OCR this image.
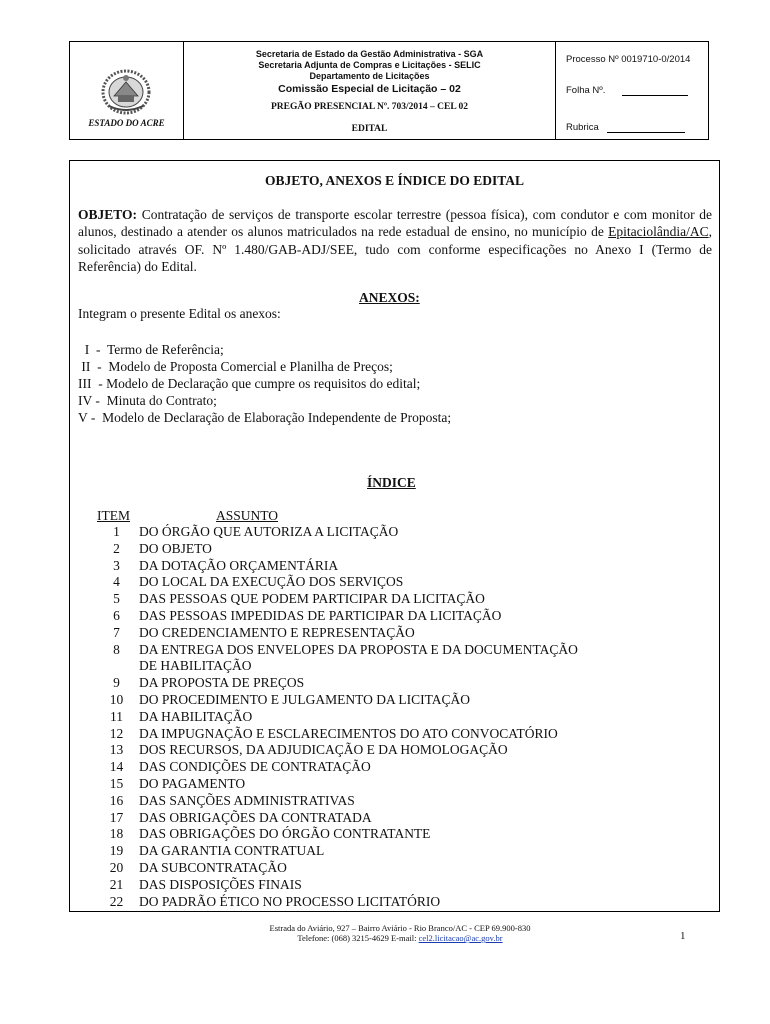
ESTADO DO ACRE
Secretaria de Estado da Gestão Administrativa - SGA
Secretaria Adjunta de Compras e Licitações - SELIC
Departamento de Licitações
Comissão Especial de Licitação – 02
PREGÃO PRESENCIAL Nº. 703/2014 – CEL 02
EDITAL
Processo Nº 0019710-0/2014
Folha Nº.
Rubrica
OBJETO, ANEXOS E ÍNDICE DO EDITAL
OBJETO: Contratação de serviços de transporte escolar terrestre (pessoa física), com condutor e com monitor de alunos, destinado a atender os alunos matriculados na rede estadual de ensino, no município de Epitaciolândia/AC, solicitado através OF. Nº 1.480/GAB-ADJ/SEE, tudo com conforme especificações no Anexo I (Termo de Referência) do Edital.
ANEXOS:
Integram o presente Edital os anexos:
I  -  Termo de Referência;
II  -  Modelo de Proposta Comercial e Planilha de Preços;
III  - Modelo de Declaração que cumpre os requisitos do edital;
IV -  Minuta do Contrato;
V -  Modelo de Declaração de Elaboração Independente de Proposta;
ÍNDICE
ITEM	ASSUNTO
1	DO ÓRGÃO QUE AUTORIZA A LICITAÇÃO
2	DO OBJETO
3	DA DOTAÇÃO ORÇAMENTÁRIA
4	DO LOCAL DA EXECUÇÃO DOS SERVIÇOS
5	DAS PESSOAS QUE PODEM PARTICIPAR DA LICITAÇÃO
6	DAS PESSOAS IMPEDIDAS DE PARTICIPAR DA LICITAÇÃO
7	DO CREDENCIAMENTO E REPRESENTAÇÃO
8	DA ENTREGA DOS ENVELOPES DA PROPOSTA E DA DOCUMENTAÇÃO
DE HABILITAÇÃO
9	DA PROPOSTA DE PREÇOS
10	DO PROCEDIMENTO E JULGAMENTO DA LICITAÇÃO
11	DA HABILITAÇÃO
12	DA IMPUGNAÇÃO E ESCLARECIMENTOS DO ATO CONVOCATÓRIO
13	DOS RECURSOS, DA ADJUDICAÇÃO E DA HOMOLOGAÇÃO
14	DAS CONDIÇÕES DE CONTRATAÇÃO
15	DO PAGAMENTO
16	DAS SANÇÕES ADMINISTRATIVAS
17	DAS OBRIGAÇÕES DA CONTRATADA
18	DAS OBRIGAÇÕES DO ÓRGÃO CONTRATANTE
19	DA GARANTIA CONTRATUAL
20	DA SUBCONTRATAÇÃO
21	DAS DISPOSIÇÕES FINAIS
22	DO PADRÃO ÉTICO NO PROCESSO LICITATÓRIO
Estrada do Aviário, 927 – Bairro Aviário - Rio Branco/AC - CEP 69.900-830
Telefone: (068) 3215-4629 E-mail: cel2.licitacao@ac.gov.br	1
